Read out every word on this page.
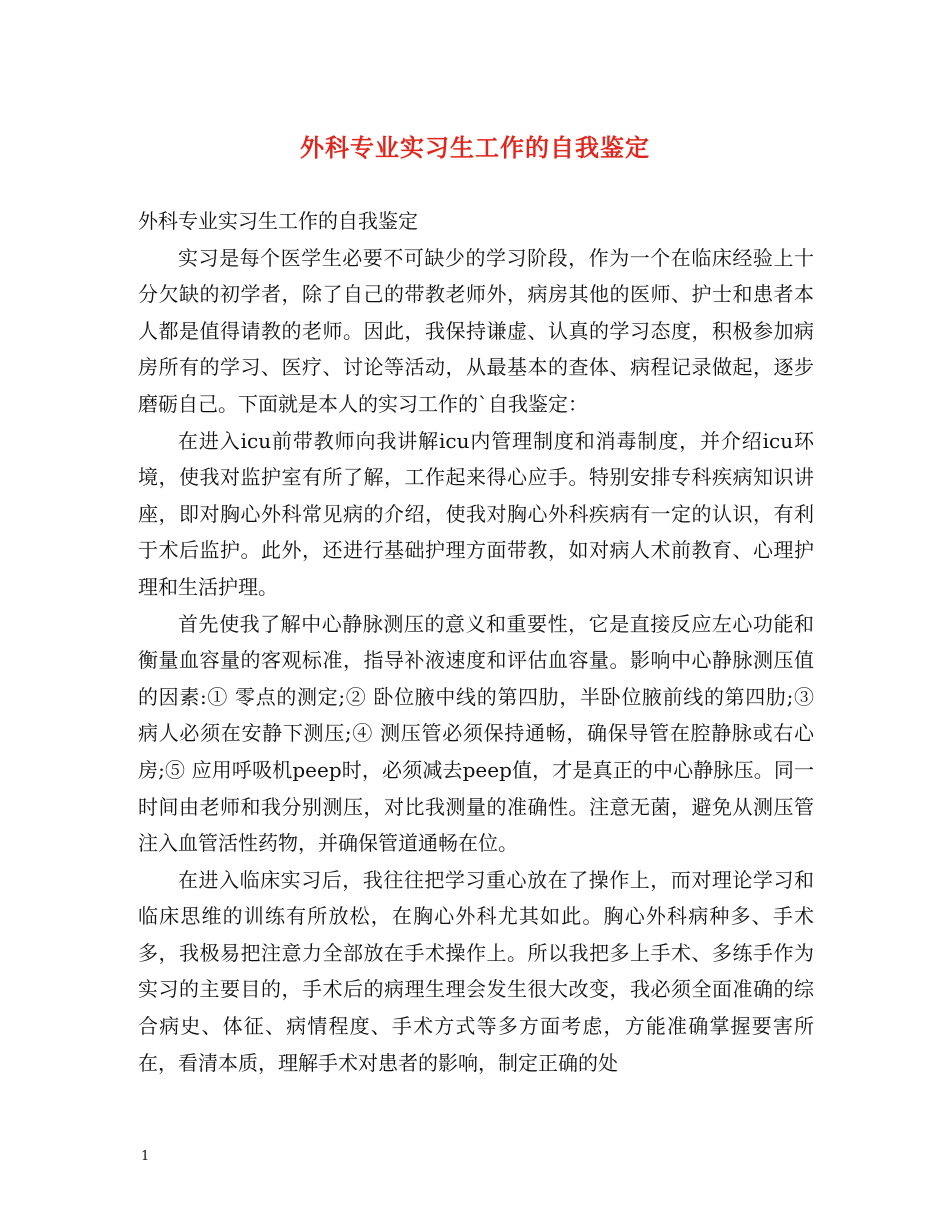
外科专业实习生工作的自我鉴定

外科专业实习生工作的自我鉴定

实习是每个医学生必要不可缺少的学习阶段，作为一个在临床经验上十分欠缺的初学者，除了自己的带教老师外，病房其他的医师、护士和患者本人都是值得请教的老师。因此，我保持谦虚、认真的学习态度，积极参加病房所有的学习、医疗、讨论等活动，从最基本的查体、病程记录做起，逐步磨砺自己。下面就是本人的实习工作的`自我鉴定：

在进入icu前带教师向我讲解icu内管理制度和消毒制度，并介绍icu环境，使我对监护室有所了解，工作起来得心应手。特别安排专科疾病知识讲座，即对胸心外科常见病的介绍，使我对胸心外科疾病有一定的认识，有利于术后监护。此外，还进行基础护理方面带教，如对病人术前教育、心理护理和生活护理。

首先使我了解中心静脉测压的意义和重要性，它是直接反应左心功能和衡量血容量的客观标准，指导补液速度和评估血容量。影响中心静脉测压值的因素:① 零点的测定;② 卧位腋中线的第四肋，半卧位腋前线的第四肋;③ 病人必须在安静下测压;④ 测压管必须保持通畅，确保导管在腔静脉或右心房;⑤ 应用呼吸机peep时，必须减去peep值，才是真正的中心静脉压。同一时间由老师和我分别测压，对比我测量的准确性。注意无菌，避免从测压管注入血管活性药物，并确保管道通畅在位。

在进入临床实习后，我往往把学习重心放在了操作上，而对理论学习和临床思维的训练有所放松，在胸心外科尤其如此。胸心外科病种多、手术多，我极易把注意力全部放在手术操作上。所以我把多上手术、多练手作为实习的主要目的，手术后的病理生理会发生很大改变，我必须全面准确的综合病史、体征、病情程度、手术方式等多方面考虑，方能准确掌握要害所在，看清本质，理解手术对患者的影响，制定正确的处

1
